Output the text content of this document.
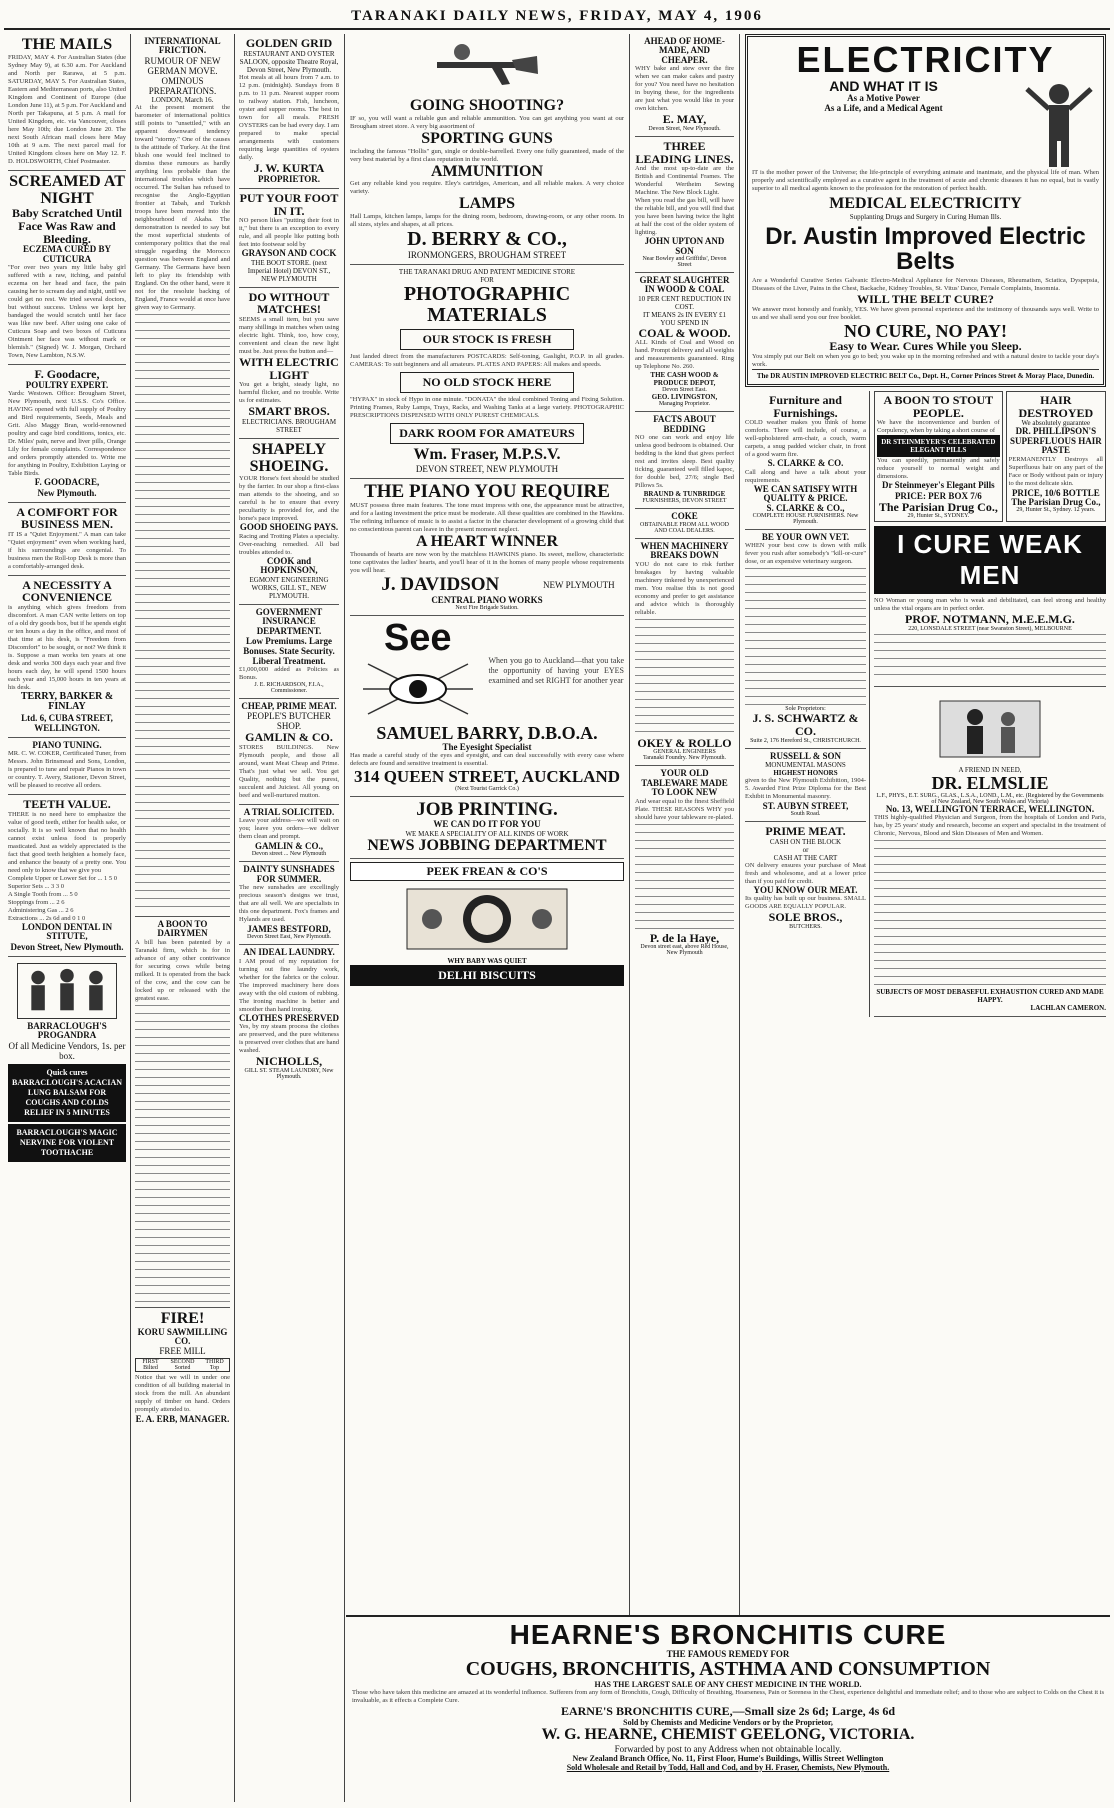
TARANAKI DAILY NEWS, FRIDAY, MAY 4, 1906
THE MAILS
FRIDAY, MAY 4. For Australian States (due Sydney May 9), at 6.30 a.m. For Auckland and North per Rarawa, at 5 p.m. SATURDAY, MAY 5. For Australian States, Eastern and Mediterranean ports, also United Kingdom and Continent of Europe (due London June 11), at 5 p.m. For Auckland and North per Takapuna, at 5 p.m. A mail for United Kingdom, etc. via Vancouver, closes here May 10th; due London June 20. The next South African mail closes here May 10th at 9 a.m. The next parcel mail for United Kingdom closes here on May 12. F. D. HOLDSWORTH, Chief Postmaster.
SCREAMED AT NIGHT
Baby Scratched Until Face Was Raw and Bleeding.
ECZEMA CURED BY CUTICURA
"For over two years my little baby girl suffered with a raw, itching, and painful eczema on her head and face, the pain causing her to scream day and night, until we could get no rest. We tried several doctors, but without success. Unless we kept her bandaged the would scratch until her face was like raw beef. After using one cake of Cuticura Soap and two boxes of Cuticura Ointment her face was without mark or blemish." (Signed) W. J. Morgan, Orchard Town, New Lambton, N.S.W.
F. Goodacre,
POULTRY EXPERT.
Yards: Westown. Office: Brougham Street, New Plymouth, next U.S.S. Co's Office. HAVING opened with full supply of Poultry and Bird requirements, Seeds, Meals and Grit. Also Maggy Bran, world-renowned poultry and cage bird conditions, tonics, etc. Dr. Miles' pain, nerve and liver pills, Orange Lily for female complaints. Correspondence and orders promptly attended to. Write me for anything in Poultry, Exhibition Laying or Table Birds.
F. GOODACRE,
New Plymouth.
A COMFORT FOR BUSINESS MEN.
IT IS a "Quiet Enjoyment." A man can take "Quiet enjoyment" even when working hard, if his surroundings are congenial. To business men the Roll-top Desk is more than a comfortably-arranged desk.
A NECESSITY A CONVENIENCE
is anything which gives freedom from discomfort. A man CAN write letters on top of a old dry goods box, but if he spends eight or ten hours a day in the office, and most of that time at his desk, is "Freedom from Discomfort" to be sought, or not? We think it is. Suppose a man works ten years at one desk and works 300 days each year and five hours each day, he will spend 1500 hours each year and 15,000 hours in ten years at his desk.
TERRY, BARKER & FINLAY
Ltd. 6, CUBA STREET, WELLINGTON.
PIANO TUNING.
MR. C. W. COKER, Certificated Tuner, from Messrs. John Brinsmead and Sons, London, is prepared to tune and repair Pianos in town or country. T. Avery, Stationer, Devon Street, will be pleased to receive all orders.
TEETH VALUE.
THERE is no need here to emphasize the value of good teeth, either for health sake, or socially. It is so well known that no health cannot exist unless food is properly masticated. Just as widely appreciated is the fact that good teeth heighten a homely face, and enhance the beauty of a pretty one. You need only to know that we give you
Complete Upper or Lower Set for ... 1 5 0
Superior Sets ... 3 3 0
A Single Tooth from ... 5 0
Stoppings from ... 2 6
Administering Gas ... 2 6
Extractions ... 2s 6d and 0 1 0
LONDON DENTAL IN STITUTE,
Devon Street, New Plymouth.
BARRACLOUGH'S PROGANDRA
Of all Medicine Vendors, 1s. per box.
Quick cures BARRACLOUGH'S ACACIAN LUNG BALSAM FOR COUGHS AND COLDS RELIEF IN 5 MINUTES
BARRACLOUGH'S MAGIC NERVINE FOR VIOLENT TOOTHACHE
INTERNATIONAL FRICTION.
RUMOUR OF NEW GERMAN MOVE.
OMINOUS PREPARATIONS.
LONDON, March 16.
At the present moment the barometer of international politics still points to "unsettled," with an apparent downward tendency toward "stormy." One of the causes is the attitude of Turkey. At the first blush one would feel inclined to dismiss these rumours as hardly anything less probable than the international troubles which have occurred. The Sultan has refused to recognise the Anglo-Egyptian frontier at Tabah, and Turkish troops have been moved into the neighbourhood of Akaba. The demonstration is needed to say but the most superficial students of contemporary politics that the real struggle regarding the Morocco question was between England and Germany. The Germans have been left to play its friendship with England. On the other hand, were it not for the resolute backing of England, France would at once have given way to Germany.
A BOON TO DAIRYMEN
A bill has been patented by a Taranaki firm, which is for in advance of any other contrivance for securing cows while being milked. It is operated from the back of the cow, and the cow can be locked up or released with the greatest ease.
FIRE!
KORU SAWMILLING CO.
FREE MILL
FIRST
Bilted
SECOND
Sorted
THIRD
Top
Notice that we will in under one condition of all building material in stock from the mill. An abundant supply of timber on hand. Orders promptly attended to.
E. A. ERB, MANAGER.
GOLDEN GRID
RESTAURANT AND OYSTER SALOON, opposite Theatre Royal, Devon Street, New Plymouth.
Hot meals at all hours from 7 a.m. to 12 p.m. (midnight). Sundays from 8 p.m. to 11 p.m. Nearest supper room to railway station. Fish, luncheon, oyster and supper rooms. The best in town for all meals. FRESH OYSTERS can be had every day. I am prepared to make special arrangements with customers requiring large quantities of oysters daily.
J. W. KURTA
PROPRIETOR.
PUT YOUR FOOT IN IT.
NO person likes "putting their foot in it," but there is an exception to every rule, and all people like putting both feet into footwear sold by
GRAYSON AND COCK
THE BOOT STORE. (next Imperial Hotel) DEVON ST., NEW PLYMOUTH
DO WITHOUT MATCHES!
SEEMS a small item, but you save many shillings in matches when using electric light. Think, too, how cosy, convenient and clean the new light must be. Just press the button and—
WITH ELECTRIC LIGHT
You get a bright, steady light, no harmful flicker, and no trouble. Write us for estimates.
SMART BROS.
ELECTRICIANS. BROUGHAM STREET
SHAPELY SHOEING.
YOUR Horse's feet should be studied by the farrier. In our shop a first-class man attends to the shoeing, and so careful is he to ensure that every peculiarity is provided for, and the horse's pace improved.
GOOD SHOEING PAYS.
Racing and Trotting Plates a specialty. Over-reaching remedied. All bad troubles attended to.
COOK and HOPKINSON,
EGMONT ENGINEERING WORKS, GILL ST., NEW PLYMOUTH.
GOVERNMENT INSURANCE DEPARTMENT.
Low Premiums. Large Bonuses. State Security. Liberal Treatment.
£1,000,000 added as Policies as Bonus.
J. E. RICHARDSON, F.I.A., Commissioner.
CHEAP, PRIME MEAT.
PEOPLE'S BUTCHER SHOP.
GAMLIN & CO.
STORES BUILDINGS. New Plymouth people, and those all around, want Meat Cheap and Prime. That's just what we sell. You get Quality, nothing but the purest, succulent and Juiciest. All young on beef and well-nurtured mutton.
A TRIAL SOLICITED.
Leave your address—we will wait on you; leave you orders—we deliver them clean and prompt.
GAMLIN & CO.,
Devon street ... New Plymouth
DAINTY SUNSHADES FOR SUMMER.
The new sunshades are excellingly precious season's designs we trust, that are all well. We are specialists in this one department. Fox's frames and Hylands are used.
JAMES BESTFORD,
Devon Street East, New Plymouth.
AN IDEAL LAUNDRY.
I AM proud of my reputation for turning out fine laundry work, whether for the fabrics or the colour. The improved machinery here does away with the old custom of rubbing. The ironing machine is better and smoother than hand ironing.
CLOTHES PRESERVED
Yes, by my steam process the clothes are preserved, and the pure whiteness is preserved over clothes that are hand washed.
NICHOLLS,
GILL ST. STEAM LAUNDRY, New Plymouth.
GOING SHOOTING?
IF so, you will want a reliable gun and reliable ammunition. You can get anything you want at our Brougham street store. A very big assortment of
SPORTING GUNS
including the famous "Hollis" gun, single or double-barrelled. Every one fully guaranteed, made of the very best material by a first class reputation in the world.
AMMUNITION
Get any reliable kind you require. Eley's cartridges, American, and all reliable makes. A very choice variety.
LAMPS
Hall Lamps, kitchen lamps, lamps for the dining room, bedroom, drawing-room, or any other room. In all sizes, styles and shapes, at all prices.
D. BERRY & CO.,
IRONMONGERS, BROUGHAM STREET
THE TARANAKI DRUG AND PATENT MEDICINE STORE
FOR
PHOTOGRAPHIC MATERIALS
OUR STOCK IS FRESH
Just landed direct from the manufacturers POSTCARDS: Self-toning, Gaslight, P.O.P. in all grades. CAMERAS: To suit beginners and all amateurs. PLATES AND PAPERS: All makes and speeds.
NO OLD STOCK HERE
"HYPAX" in stock of Hypo in one minute. "DONATA" the ideal combined Toning and Fixing Solution. Printing Frames, Ruby Lamps, Trays, Racks, and Washing Tanks at a large variety. PHOTOGRAPHIC PRESCRIPTIONS DISPENSED WITH ONLY PUREST CHEMICALS.
DARK ROOM FOR AMATEURS
Wm. Fraser, M.P.S.V.
DEVON STREET, NEW PLYMOUTH
THE PIANO YOU REQUIRE
MUST possess three main features. The tone must impress with one, the appearance must be attractive, and for a lasting investment the price must be moderate. All these qualities are combined in the Hawkins. The refining influence of music is to assist a factor in the character development of a growing child that no conscientious parent can leave in the present moment neglect.
A HEART WINNER
Thousands of hearts are now won by the matchless HAWKINS piano. Its sweet, mellow, characteristic tone captivates the ladies' hearts, and you'll hear of it in the homes of many people whose requirements you will hear.
J. DAVIDSON	NEW PLYMOUTH
CENTRAL PIANO WORKS
Next Fire Brigade Station.
See
When you go to Auckland—that you take the opportunity of having your EYES examined and set RIGHT for another year
SAMUEL BARRY, D.B.O.A.
The Eyesight Specialist
Has made a careful study of the eyes and eyesight, and can deal successfully with every case where defects are found and sensitive treatment is essential.
314 QUEEN STREET, AUCKLAND
(Next Tourist Garrick Co.)
JOB PRINTING.
WE CAN DO IT FOR YOU
WE MAKE A SPECIALITY OF ALL KINDS OF WORK
NEWS JOBBING DEPARTMENT
PEEK FREAN & CO'S
WHY BABY WAS QUIET
DELHI BISCUITS
AHEAD OF HOME-MADE, AND CHEAPER.
WHY bake and stew over the fire when we can make cakes and pastry for you? You need have no hesitation in buying these, for the ingredients are just what you would like in your own kitchen.
E. MAY,
Devon Street, New Plymouth.
THREE LEADING LINES.
And the most up-to-date are the British and Continental Frames. The Wonderful Wertheim Sewing Machine. The New Block Light.
When you read the gas bill, will have the reliable bill, and you will find that you have been having twice the light at half the cost of the older system of lighting.
JOHN UPTON AND SON
Near Bowley and Griffiths', Devon Street
GREAT SLAUGHTER IN WOOD & COAL
10 PER CENT REDUCTION IN COST.
IT MEANS 2s IN EVERY £1 YOU SPEND IN
COAL & WOOD.
ALL Kinds of Coal and Wood on hand. Prompt delivery and all weights and measurements guaranteed. Ring up Telephone No. 260.
THE CASH WOOD & PRODUCE DEPOT,
Devon Street East.
GEO. LIVINGSTON,
Managing Proprietor.
FACTS ABOUT BEDDING
NO one can work and enjoy life unless good bedroom is obtained. Our bedding is the kind that gives perfect rest and invites sleep. Best quality ticking, guaranteed well filled kapoc, for double bed, 27/6; single Bed Pillows 5s.
BRAUND & TUNBRIDGE
FURNISHERS, DEVON STREET
COKE
OBTAINABLE FROM ALL WOOD AND COAL DEALERS.
WHEN MACHINERY BREAKS DOWN
YOU do not care to risk further breakages by having valuable machinery tinkered by unexperienced men. You realise this is not good economy and prefer to get assistance and advice which is thoroughly reliable.
OKEY & ROLLO
GENERAL ENGINEERS
Taranaki Foundry. New Plymouth.
YOUR OLD TABLEWARE MADE TO LOOK NEW
And wear equal to the finest Sheffield Plate. THESE REASONS WHY you should have your tableware re-plated.
P. de la Haye,
Devon street east, above Red House, New Plymouth
ELECTRICITY
AND WHAT IT IS
As a Motive Power
As a Life, and a Medical Agent
IT is the mother power of the Universe; the life-principle of everything animate and inanimate, and the physical life of man. When properly and scientifically employed as a curative agent in the treatment of acute and chronic diseases it has no equal, but is vastly superior to all medical agents known to the profession for the restoration of perfect health.
MEDICAL ELECTRICITY
Supplanting Drugs and Surgery in Curing Human Ills.
Dr. Austin Improved Electric Belts
Are a Wonderful Curative Series Galvanic Electro-Medical Appliance for Nervous Diseases, Rheumatism, Sciatica, Dyspepsia, Diseases of the Liver, Pains in the Chest, Backache, Kidney Troubles, St. Vitus' Dance, Female Complaints, Insomnia.
WILL THE BELT CURE?
We answer most honestly and frankly, YES. We have given personal experience and the testimony of thousands says well. Write to us and we shall send you our free booklet.
NO CURE, NO PAY!
Easy to Wear. Cures While you Sleep.
You simply put our Belt on when you go to bed; you wake up in the morning refreshed and with a natural desire to tackle your day's work.
The DR AUSTIN IMPROVED ELECTRIC BELT Co., Dept. H., Corner Princes Street & Moray Place, Dunedin.
Furniture and Furnishings.
COLD weather makes you think of home comforts. There will include, of course, a well-upholstered arm-chair, a couch, warm carpets, a snug padded wicker chair, in front of a good warm fire.
S. CLARKE & CO.
Call along and have a talk about your requirements.
WE CAN SATISFY WITH QUALITY & PRICE.
S. CLARKE & CO.,
COMPLETE HOUSE FURNISHERS. New Plymouth.
BE YOUR OWN VET.
WHEN your best cow is down with milk fever you rush after somebody's "kill-or-cure" dose, or an expensive veterinary surgeon.
Sole Proprietors:
J. S. SCHWARTZ & CO.
Suite 2, 176 Hereford St., CHRISTCHURCH.
RUSSELL & SON
MONUMENTAL MASONS
HIGHEST HONORS
given to the New Plymouth Exhibition, 1904-5. Awarded First Prize Diploma for the Best Exhibit in Monumental masonry.
ST. AUBYN STREET,
South Road.
PRIME MEAT.
CASH ON THE BLOCK
or
CASH AT THE CART
ON delivery ensures your purchase of Meat fresh and wholesome, and at a lower price than if you paid for credit.
YOU KNOW OUR MEAT.
Its quality has built up our business. SMALL GOODS ARE EQUALLY POPULAR.
SOLE BROS.,
BUTCHERS.
A BOON TO STOUT PEOPLE.
We have the inconvenience and burden of Corpulency, when by taking a short course of
DR STEINMEYER'S CELEBRATED ELEGANT PILLS
You can speedily, permanently and safely reduce yourself to normal weight and dimensions.
Dr Steinmeyer's Elegant Pills
PRICE: PER BOX 7/6
The Parisian Drug Co.,
29, Hunter St., SYDNEY.
HAIR DESTROYED
We absolutely guarantee
DR. PHILLIPSON'S SUPERFLUOUS HAIR PASTE
PERMANENTLY Destroys all Superfluous hair on any part of the Face or Body without pain or injury to the most delicate skin.
PRICE, 10/6 BOTTLE
The Parisian Drug Co.,
29, Hunter St., Sydney. 12 years.
I CURE WEAK MEN
NO Woman or young man who is weak and debilitated, can feel strong and healthy unless the vital organs are in perfect order.
PROF. NOTMANN, M.E.E.M.G.
220, LONSDALE STREET (near Swanston Street), MELBOURNE
A FRIEND IN NEED,
DR. ELMSLIE
L.F., PHYS., E.T. SURG., GLAS., L.S.A., LOND., L.M., etc. (Registered by the Governments of New Zealand, New South Wales and Victoria)
No. 13, WELLINGTON TERRACE, WELLINGTON.
THIS highly-qualified Physician and Surgeon, from the hospitals of London and Paris, has, by 25 years' study and research, become an expert and specialist in the treatment of Chronic, Nervous, Blood and Skin Diseases of Men and Women.
SUBJECTS OF MOST DEBASEFUL EXHAUSTION CURED AND MADE HAPPY.
LACHLAN CAMERON.
HEARNE'S BRONCHITIS CURE
THE FAMOUS REMEDY FOR
COUGHS, BRONCHITIS, ASTHMA AND CONSUMPTION
HAS THE LARGEST SALE OF ANY CHEST MEDICINE IN THE WORLD.
Those who have taken this medicine are amazed at its wonderful influence. Sufferers from any form of Bronchitis, Cough, Difficulty of Breathing, Hoarseness, Pain or Soreness in the Chest, experience delightful and immediate relief; and to those who are subject to Colds on the Chest it is invaluable, as it effects a Complete Cure.
EARNE'S BRONCHITIS CURE,—Small size 2s 6d; Large, 4s 6d
Sold by Chemists and Medicine Vendors or by the Proprietor,
W. G. HEARNE, CHEMIST GEELONG, VICTORIA.
Forwarded by post to any Address when not obtainable locally.
New Zealand Branch Office, No. 11, First Floor, Hume's Buildings, Willis Street Wellington
Sold Wholesale and Retail by Todd, Hall and Cod, and by H. Fraser, Chemists, New Plymouth.
